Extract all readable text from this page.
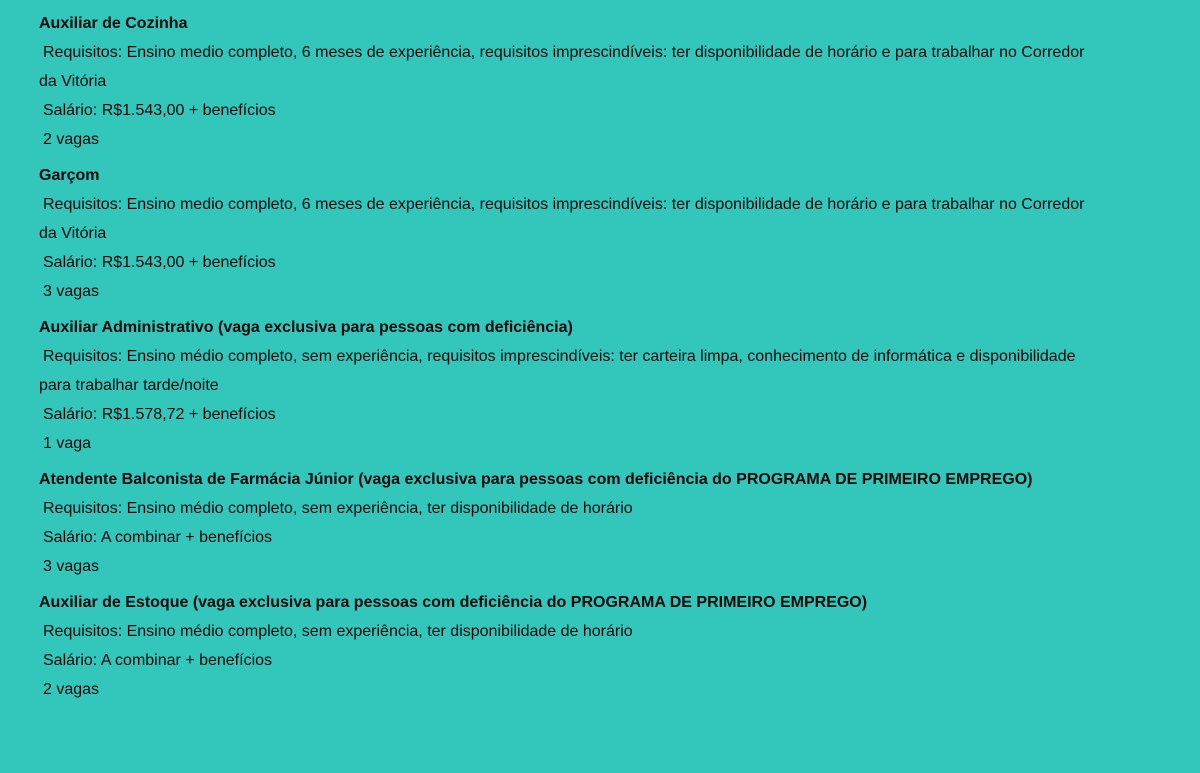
Auxiliar de Cozinha

Requisitos: Ensino medio completo, 6 meses de experiência, requisitos imprescindíveis: ter disponibilidade de horário e para trabalhar no Corredor da Vitória

Salário: R$1.543,00 + benefícios

2 vagas

Garçom

Requisitos: Ensino medio completo, 6 meses de experiência, requisitos imprescindíveis: ter disponibilidade de horário e para trabalhar no Corredor da Vitória

Salário: R$1.543,00 + benefícios

3 vagas

Auxiliar Administrativo (vaga exclusiva para pessoas com deficiência)

Requisitos: Ensino médio completo, sem experiência, requisitos imprescindíveis: ter carteira limpa, conhecimento de informática e disponibilidade para trabalhar tarde/noite

Salário: R$1.578,72 + benefícios

1 vaga

Atendente Balconista de Farmácia Júnior (vaga exclusiva para pessoas com deficiência do PROGRAMA DE PRIMEIRO EMPREGO)

Requisitos: Ensino médio completo, sem experiência, ter disponibilidade de horário

Salário: A combinar + benefícios

3 vagas

Auxiliar de Estoque (vaga exclusiva para pessoas com deficiência do PROGRAMA DE PRIMEIRO EMPREGO)

Requisitos: Ensino médio completo, sem experiência, ter disponibilidade de horário

Salário: A combinar + benefícios

2 vagas
